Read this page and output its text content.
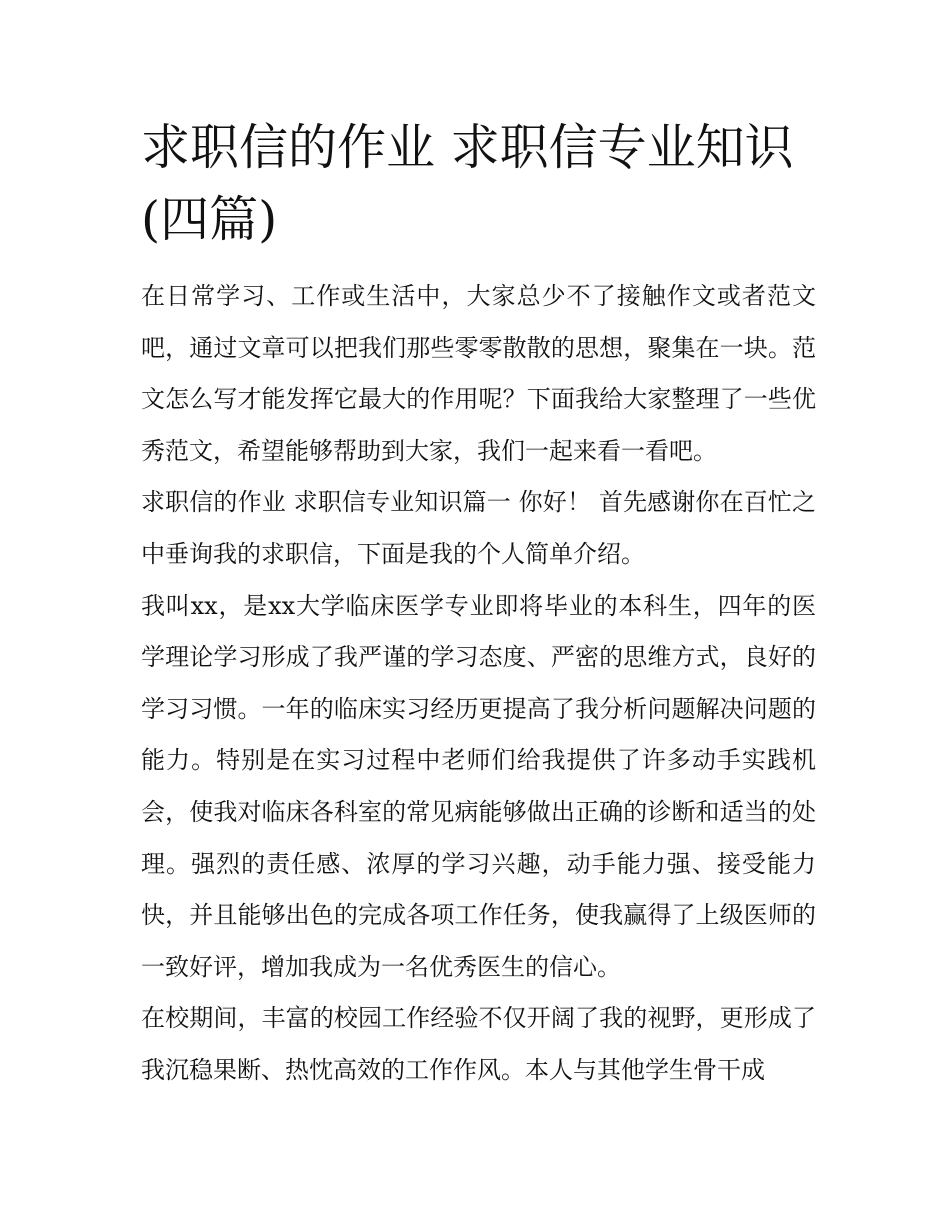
求职信的作业 求职信专业知识(四篇)

在日常学习、工作或生活中，大家总少不了接触作文或者范文吧，通过文章可以把我们那些零零散散的思想，聚集在一块。范文怎么写才能发挥它最大的作用呢？下面我给大家整理了一些优秀范文，希望能够帮助到大家，我们一起来看一看吧。

求职信的作业 求职信专业知识篇一 你好！ 首先感谢你在百忙之中垂询我的求职信，下面是我的个人简单介绍。

我叫xx，是xx大学临床医学专业即将毕业的本科生，四年的医学理论学习形成了我严谨的学习态度、严密的思维方式，良好的学习习惯。一年的临床实习经历更提高了我分析问题解决问题的能力。特别是在实习过程中老师们给我提供了许多动手实践机会，使我对临床各科室的常见病能够做出正确的诊断和适当的处理。强烈的责任感、浓厚的学习兴趣，动手能力强、接受能力快，并且能够出色的完成各项工作任务，使我赢得了上级医师的一致好评，增加我成为一名优秀医生的信心。

在校期间，丰富的校园工作经验不仅开阔了我的视野，更形成了我沉稳果断、热忱高效的工作作风。本人与其他学生骨干成
